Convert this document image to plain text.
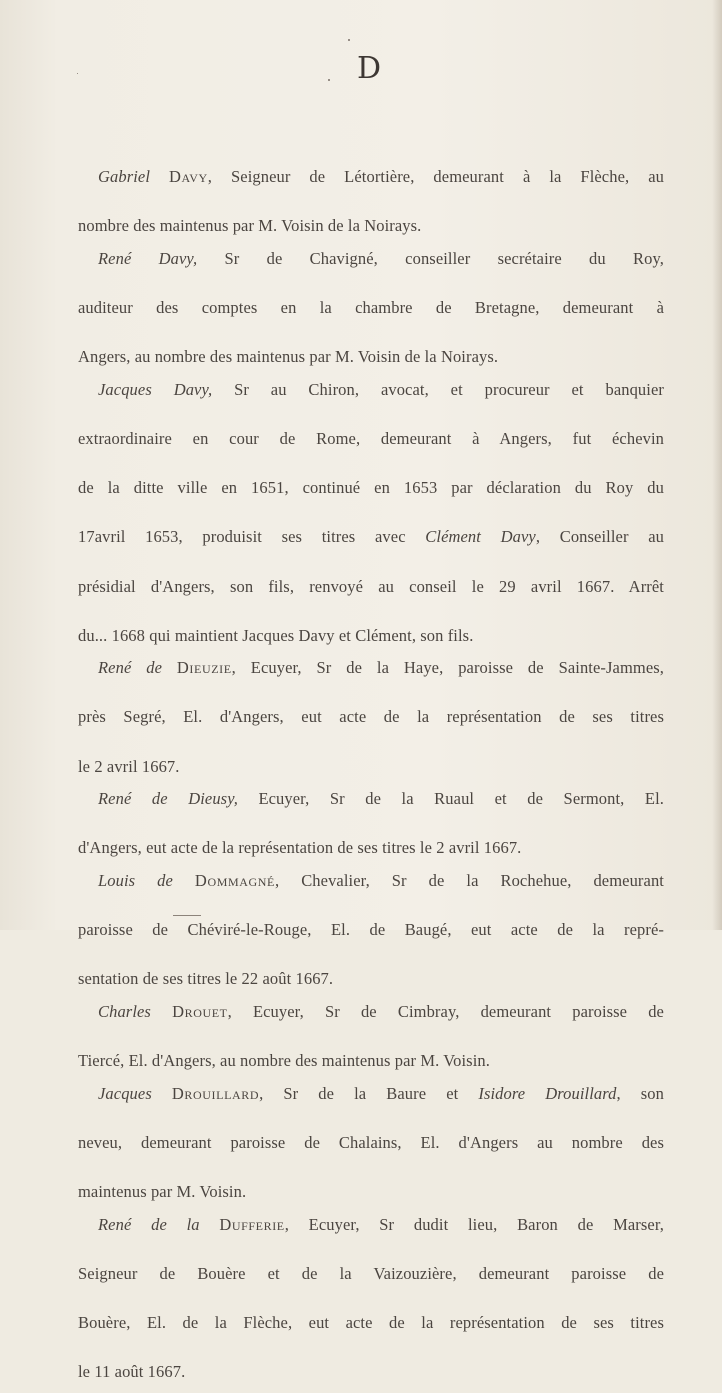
D
Gabriel Davy, Seigneur de Létortière, demeurant à la Flèche, au
nombre des maintenus par M. Voisin de la Noirays.
René Davy, Sr de Chavigné, conseiller secrétaire du Roy,
auditeur des comptes en la chambre de Bretagne, demeurant à
Angers, au nombre des maintenus par M. Voisin de la Noirays.
Jacques Davy, Sr au Chiron, avocat, et procureur et banquier
extraordinaire en cour de Rome, demeurant à Angers, fut échevin
de la ditte ville en 1651, continué en 1653 par déclaration du Roy du
17avril 1653, produisit ses titres avec Clément Davy, Conseiller au
présidial d'Angers, son fils, renvoyé au conseil le 29 avril 1667. Arrêt
du... 1668 qui maintient Jacques Davy et Clément, son fils.
René de Dieuzie, Ecuyer, Sr de la Haye, paroisse de Sainte-Jammes,
près Segré, El. d'Angers, eut acte de la représentation de ses titres
le 2 avril 1667.
René de Dieusy, Ecuyer, Sr de la Ruaul et de Sermont, El.
d'Angers, eut acte de la représentation de ses titres le 2 avril 1667.
Louis de Dommagné, Chevalier, Sr de la Rochehue, demeurant
paroisse de Chéviré-le-Rouge, El. de Baugé, eut acte de la repré-
sentation de ses titres le 22 août 1667.
Charles Drouet, Ecuyer, Sr de Cimbray, demeurant paroisse de
Tiercé, El. d'Angers, au nombre des maintenus par M. Voisin.
Jacques Drouillard, Sr de la Baure et Isidore Drouillard, son
neveu, demeurant paroisse de Chalains, El. d'Angers au nombre des
maintenus par M. Voisin.
René de la Dufferie, Ecuyer, Sr dudit lieu, Baron de Marser,
Seigneur de Bouère et de la Vaizouzière, demeurant paroisse de
Bouère, El. de la Flèche, eut acte de la représentation de ses titres
le 11 août 1667.
